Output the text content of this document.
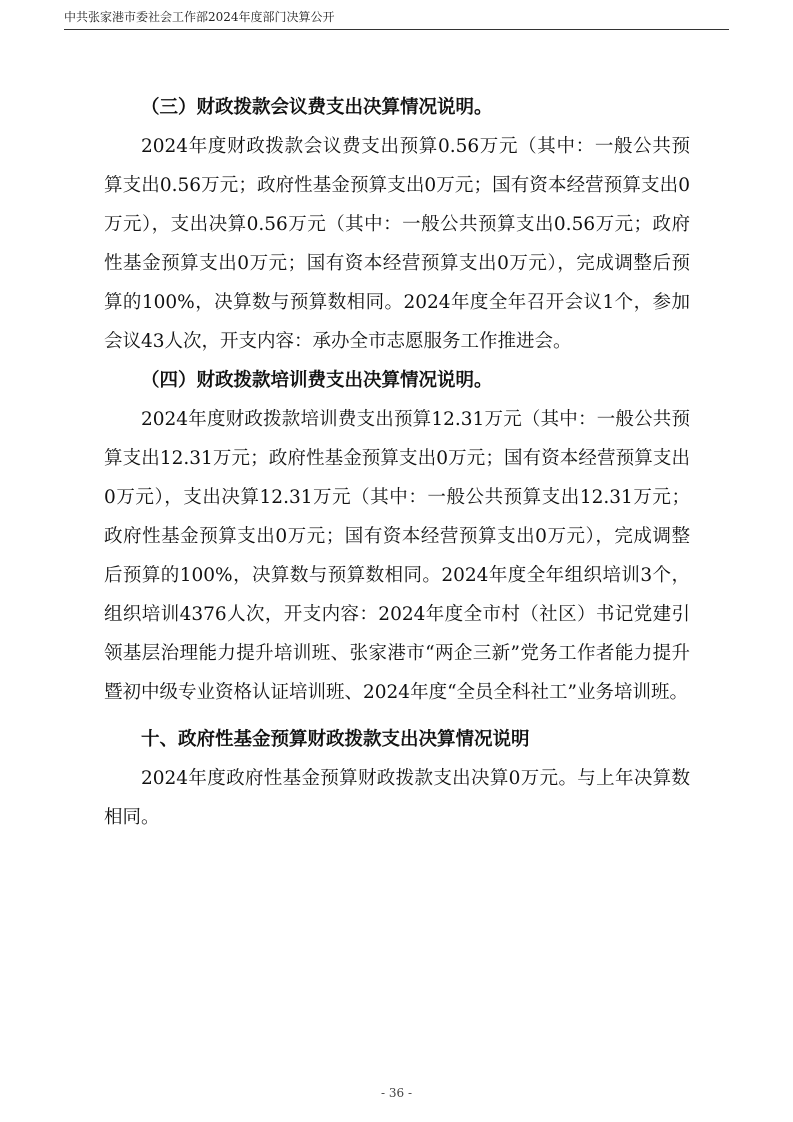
中共张家港市委社会工作部2024年度部门决算公开

（三）财政拨款会议费支出决算情况说明。

2024年度财政拨款会议费支出预算0.56万元（其中：一般公共预算支出0.56万元；政府性基金预算支出0万元；国有资本经营预算支出0万元），支出决算0.56万元（其中：一般公共预算支出0.56万元；政府性基金预算支出0万元；国有资本经营预算支出0万元），完成调整后预算的100%，决算数与预算数相同。2024年度全年召开会议1个，参加会议43人次，开支内容：承办全市志愿服务工作推进会。

（四）财政拨款培训费支出决算情况说明。

2024年度财政拨款培训费支出预算12.31万元（其中：一般公共预算支出12.31万元；政府性基金预算支出0万元；国有资本经营预算支出0万元），支出决算12.31万元（其中：一般公共预算支出12.31万元；政府性基金预算支出0万元；国有资本经营预算支出0万元），完成调整后预算的100%，决算数与预算数相同。2024年度全年组织培训3个，组织培训4376人次，开支内容：2024年度全市村（社区）书记党建引领基层治理能力提升培训班、张家港市“两企三新”党务工作者能力提升暨初中级专业资格认证培训班、2024年度“全员全科社工”业务培训班。

十、政府性基金预算财政拨款支出决算情况说明

2024年度政府性基金预算财政拨款支出决算0万元。与上年决算数相同。

- 36 -
